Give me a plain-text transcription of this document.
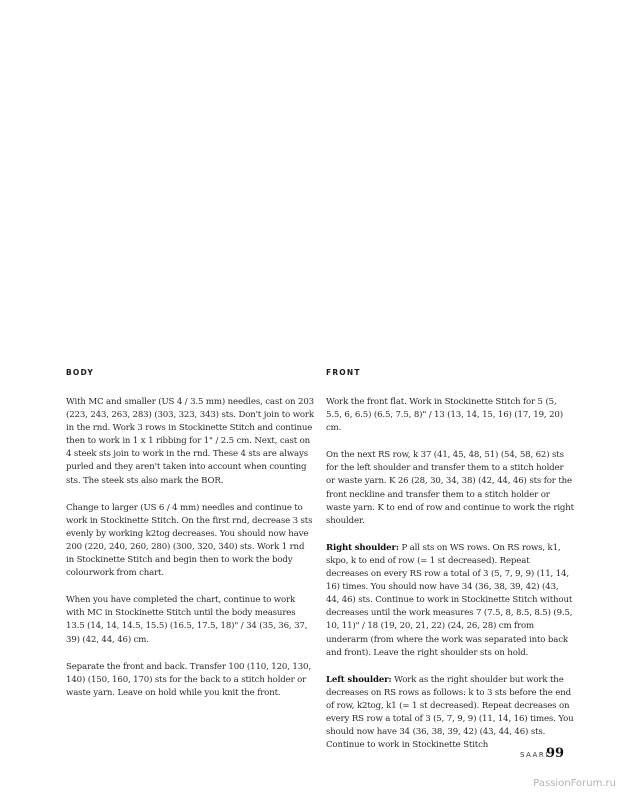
BODY

With MC and smaller (US 4 / 3.5 mm) needles, cast on 203 (223, 243, 263, 283) (303, 323, 343) sts. Don't join to work in the rnd. Work 3 rows in Stockinette Stitch and continue then to work in 1 x 1 ribbing for 1" / 2.5 cm. Next, cast on 4 steek sts join to work in the rnd. These 4 sts are always purled and they aren't taken into account when counting sts. The steek sts also mark the BOR.

Change to larger (US 6 / 4 mm) needles and continue to work in Stockinette Stitch. On the first rnd, decrease 3 sts evenly by working k2tog decreases. You should now have 200 (220, 240, 260, 280) (300, 320, 340) sts. Work 1 rnd in Stockinette Stitch and begin then to work the body colourwork from chart.

When you have completed the chart, continue to work with MC in Stockinette Stitch until the body measures 13.5 (14, 14, 14.5, 15.5) (16.5, 17.5, 18)" / 34 (35, 36, 37, 39) (42, 44, 46) cm.

Separate the front and back. Transfer 100 (110, 120, 130, 140) (150, 160, 170) sts for the back to a stitch holder or waste yarn. Leave on hold while you knit the front.

FRONT

Work the front flat. Work in Stockinette Stitch for 5 (5, 5.5, 6, 6.5) (6.5, 7.5, 8)" / 13 (13, 14, 15, 16) (17, 19, 20) cm.

On the next RS row, k 37 (41, 45, 48, 51) (54, 58, 62) sts for the left shoulder and transfer them to a stitch holder or waste yarn. K 26 (28, 30, 34, 38) (42, 44, 46) sts for the front neckline and transfer them to a stitch holder or waste yarn. K to end of row and continue to work the right shoulder.

Right shoulder: P all sts on WS rows. On RS rows, k1, skpo, k to end of row (= 1 st decreased). Repeat decreases on every RS row a total of 3 (5, 7, 9, 9) (11, 14, 16) times. You should now have 34 (36, 38, 39, 42) (43, 44, 46) sts. Continue to work in Stockinette Stitch without decreases until the work measures 7 (7.5, 8, 8.5, 8.5) (9.5, 10, 11)" / 18 (19, 20, 21, 22) (24, 26, 28) cm from underarm (from where the work was separated into back and front). Leave the right shoulder sts on hold.

Left shoulder: Work as the right shoulder but work the decreases on RS rows as follows: k to 3 sts before the end of row, k2tog, k1 (= 1 st decreased). Repeat decreases on every RS row a total of 3 (5, 7, 9, 9) (11, 14, 16) times. You should now have 34 (36, 38, 39, 42) (43, 44, 46) sts. Continue to work in Stockinette Stitch

SAARI
99
PassionForum.ru
